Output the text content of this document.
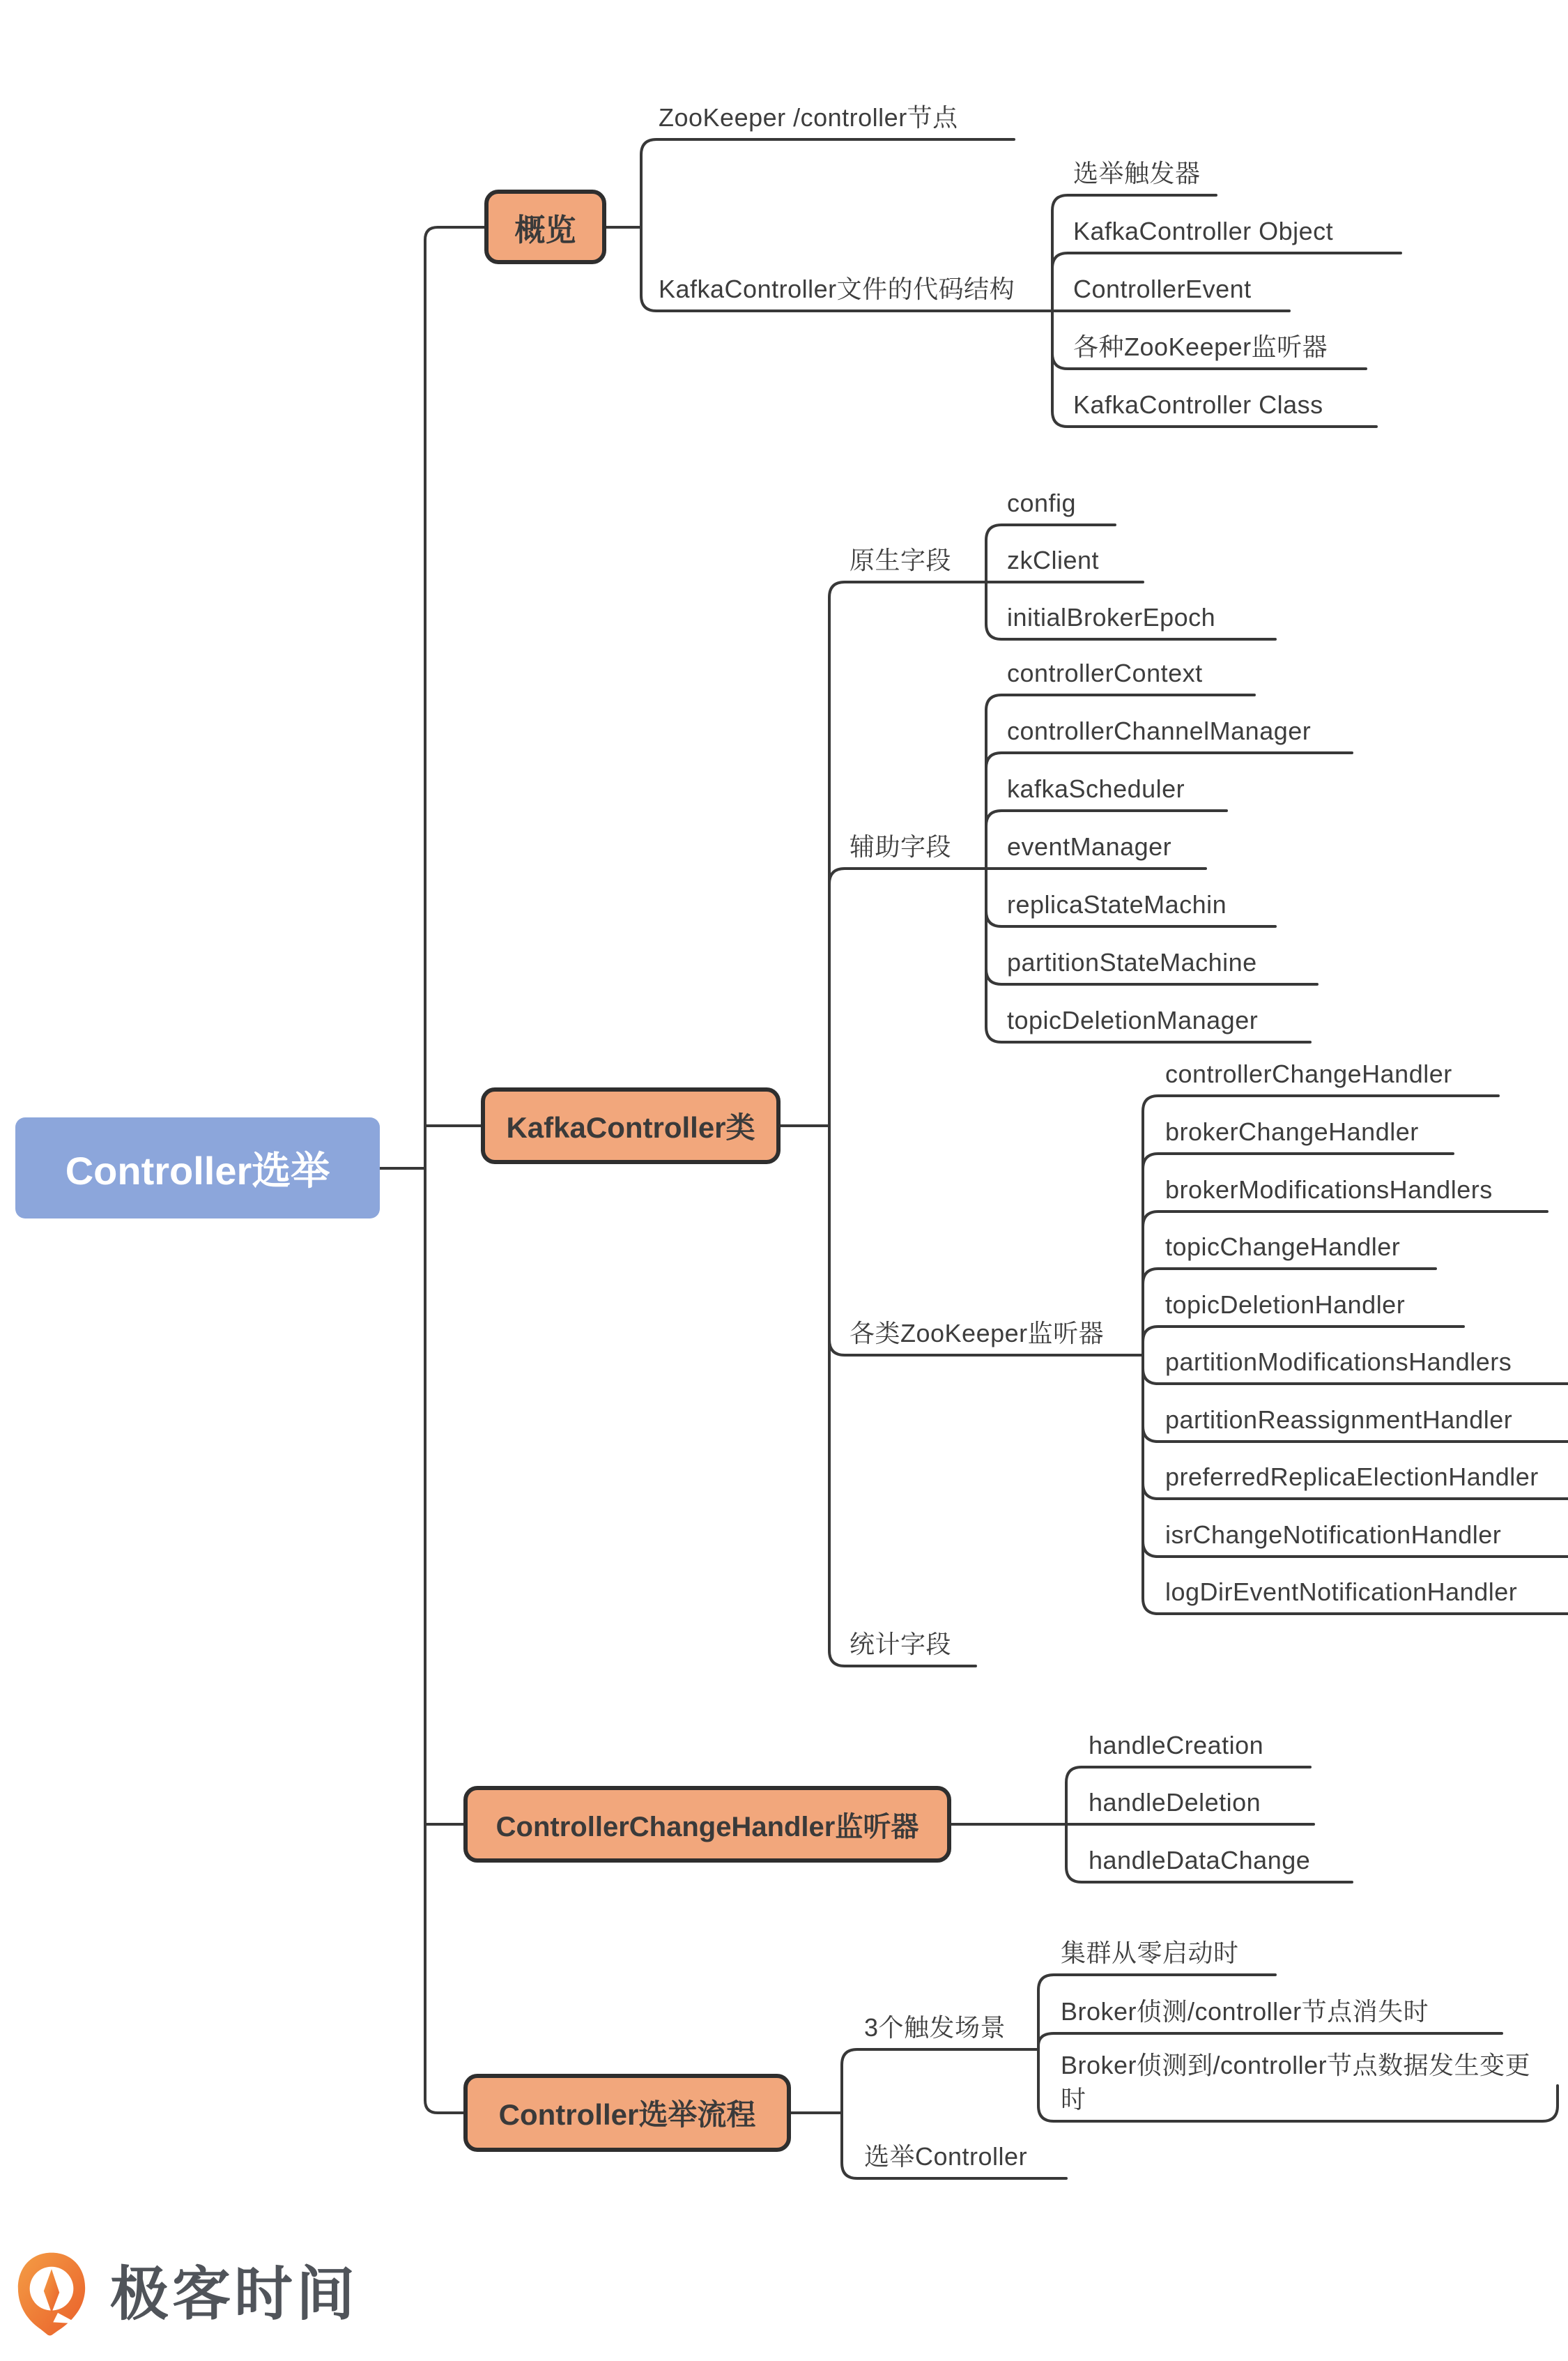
Controller选举
概览
KafkaController类
ControllerChangeHandler监听器
Controller选举流程
ZooKeeper /controller节点
KafkaController文件的代码结构
选举触发器
KafkaController Object
ControllerEvent
各种ZooKeeper监听器
KafkaController Class
原生字段
config
zkClient
initialBrokerEpoch
辅助字段
controllerContext
controllerChannelManager
kafkaScheduler
eventManager
replicaStateMachin
partitionStateMachine
topicDeletionManager
各类ZooKeeper监听器
controllerChangeHandler
brokerChangeHandler
brokerModificationsHandlers
topicChangeHandler
topicDeletionHandler
partitionModificationsHandlers
partitionReassignmentHandler
preferredReplicaElectionHandler
isrChangeNotificationHandler
logDirEventNotificationHandler
统计字段
handleCreation
handleDeletion
handleDataChange
3个触发场景
集群从零启动时
Broker侦测/controller节点消失时
Broker侦测到/controller节点数据发生变更时
选举Controller
极客时间
